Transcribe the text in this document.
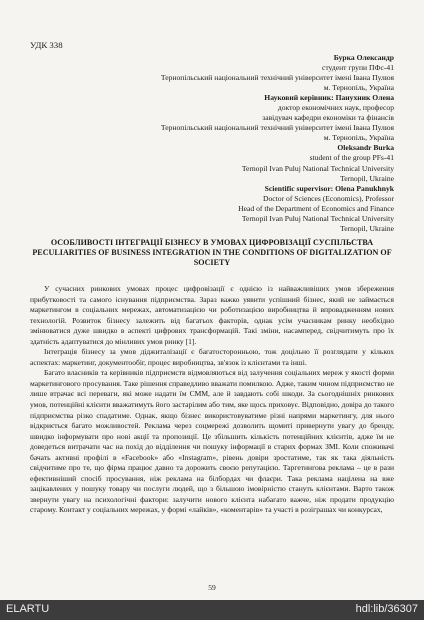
УДК 338
Бурка Олександр
студент групи ПФс-41
Тернопільський національний технічний університет імені Івана Пулюя
м. Тернопіль, Україна
Науковий керівник: Панухник Олена
доктор економічних наук, професор
завідувач кафедри економіки та фінансів
Тернопільський національний технічний університет імені Івана Пулюя
м. Тернопіль, Україна
Oleksandr Burka
student of the group PFs-41
Ternopil Ivan Puluj National Technical University
Ternopil, Ukraine
Scientific supervisor: Olena Panukhnyk
Doctor of Sciences (Economics), Professor
Head of the Department of Economics and Finance
Ternopil Ivan Puluj National Technical University
Ternopil, Ukraine
ОСОБЛИВОСТІ ІНТЕГРАЦІЇ БІЗНЕСУ В УМОВАХ ЦИФРОВІЗАЦІЇ СУСПІЛЬСТВА
PECULIARITIES OF BUSINESS INTEGRATION IN THE CONDITIONS OF DIGITALIZATION OF SOCIETY

У сучасних ринкових умовах процес цифровізації є однією із найважливіших умов збереження прибутковості та самого існування підприємства. Зараз важко уявити успішний бізнес, який не займається маркетингом в соціальних мережах, автоматизацією чи роботизацією виробництва й впровадженням нових технологій. Розвиток бізнесу залежить від багатьох факторів, однак усім учасникам ринку необхідно змінюватися дуже швидко в аспекті цифрових трансформацій. Такі зміни, насамперед, свідчитимуть про їх здатність адаптуватися до мінливих умов ринку [1].

Інтеграція бізнесу за умов діджиталізації є багатосторонньою, тож доцільно її розглядати у кількох аспектах: маркетинг, документообіг, процес виробництва, зв'язок із клієнтами та інші.

Багато власників та керівників підприємств відмовляються від залучення соціальних мереж у якості форми маркетингового просування. Таке рішення справедливо вважати помилкою. Адже, таким чином підприємство не лише втрачає всі переваги, які може надати їм СММ, але й завдають собі шкоди. За сьогоднішніх ринкових умов, потенційні клієнти вважатимуть його застарілим або тим, яке щось приховує. Відповідно, довіра до такого підприємства різко спадатиме. Однак, якщо бізнес використовуватиме різні напрями маркетингу, для нього відкриється багато можливостей. Реклама через соцмережі дозволить щомиті привернути увагу до бренду, швидко інформувати про нові акції та пропозиції. Це збільшить кількість потенційних клієнтів, адже їм не доведеться витрачати час на похід до відділення чи пошуку інформації в старих формах ЗМІ. Коли споживачі бачать активні профілі в «Facebook» або «Instagram», рівень довіри зростатиме, так як така діяльність свідчитиме про те, що фірма працює давно та дорожить своєю репутацією. Таргетингова реклама – це в рази ефективніший спосіб просування, ніж реклама на білбордах чи флаєри. Така реклама націлена на вже зацікавлених у пошуку товару чи послуги людей, що з більшою імовірністю стануть клієнтами. Варто також звернути увагу на психологічні фактори: залучити нового клієнта набагато важче, ніж продати продукцію старому. Контакт у соціальних мережах, у формі «лайків», «коментарів» та участі в розіграшах чи конкурсах,

59
ELARTU	hdl:lib/36307
